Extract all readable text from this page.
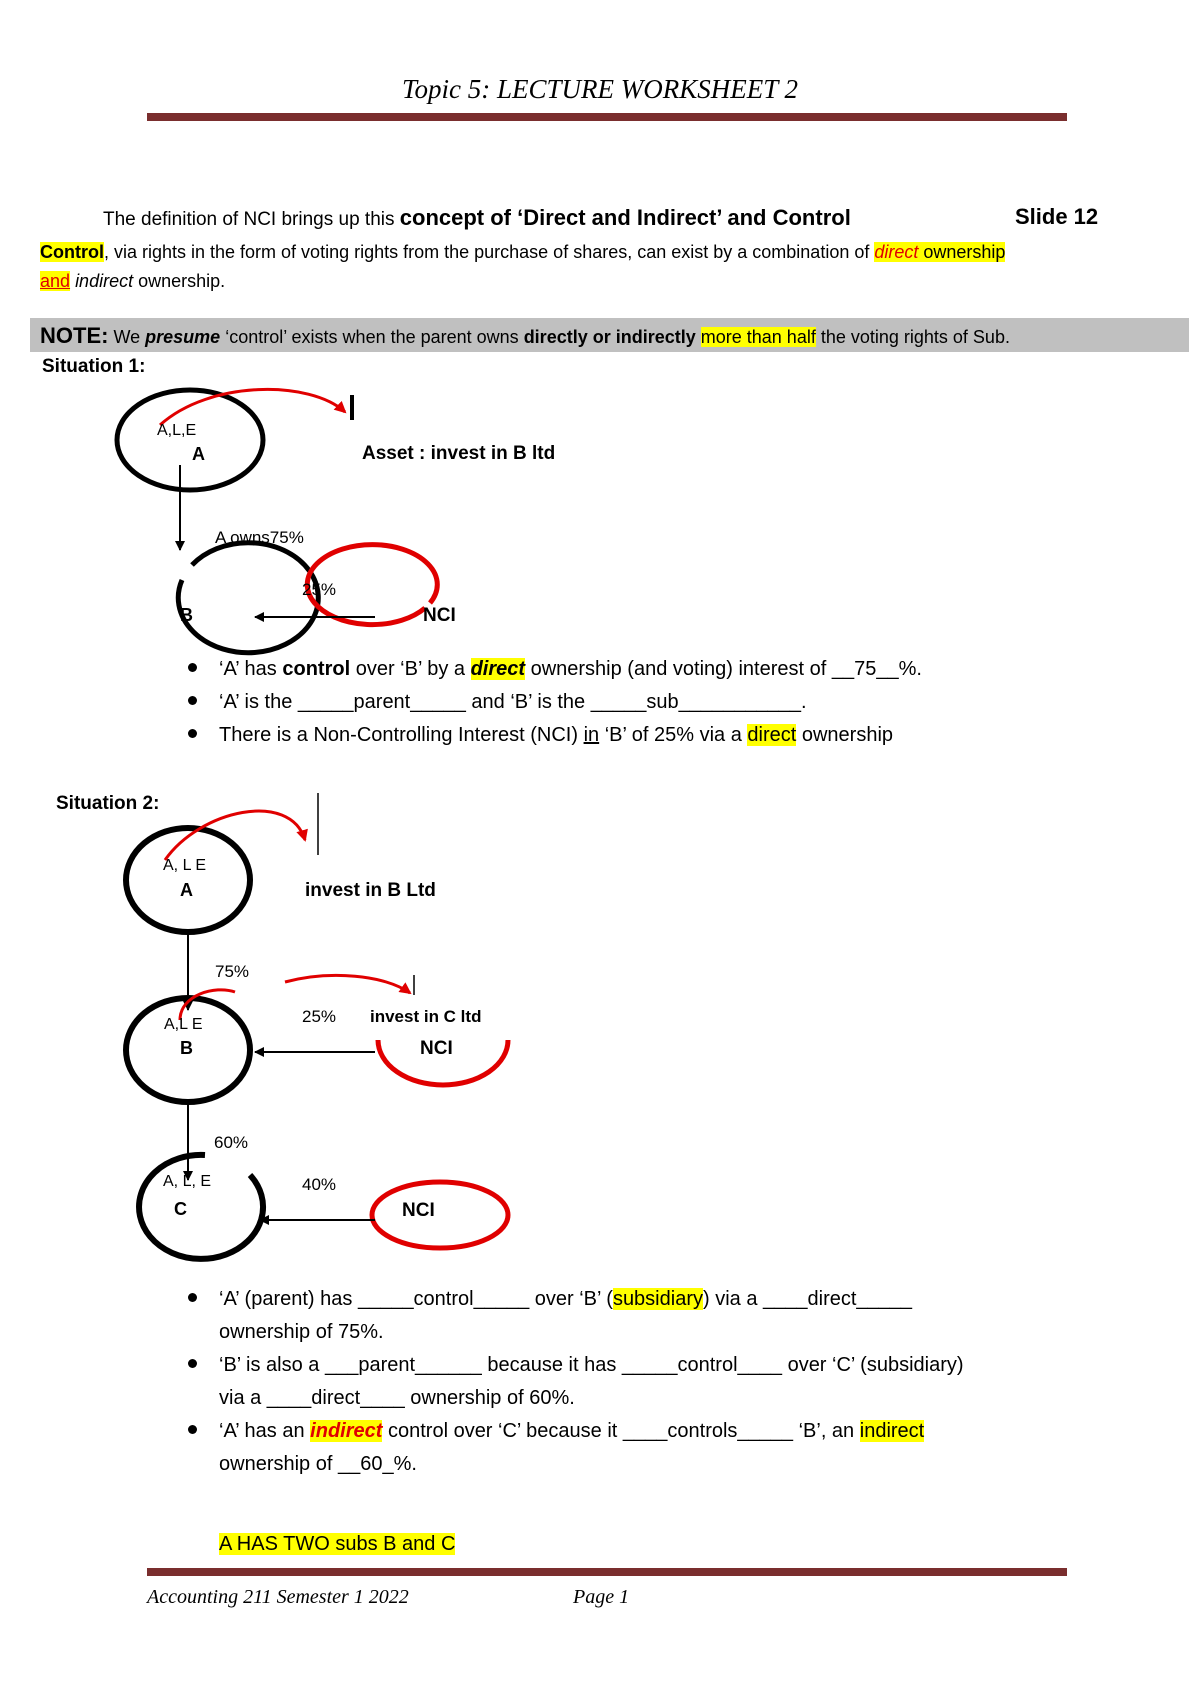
Topic 5: LECTURE WORKSHEET 2
The definition of NCI brings up this concept of ‘Direct and Indirect’ and Control	Slide 12
Control, via rights in the form of voting rights from the purchase of shares, can exist by a combination of direct ownership
and indirect ownership.
NOTE: We presume ‘control’ exists when the parent owns directly or indirectly more than half the voting rights of Sub.
Situation 1:
A,L,E
A	Asset : invest in B ltd
A owns75%
25%
B	NCI
‘A’ has control over ‘B’ by a direct ownership (and voting) interest of __75__%.
‘A’ is the _____parent_____ and ‘B’ is the _____sub___________.
There is a Non-Controlling Interest (NCI) in ‘B’ of 25% via a direct ownership
Situation 2:
A, L E
A	invest in B Ltd
75%
A,L E
B
25% invest in C ltd
NCI
60%
A, L, E
C
40%
NCI
‘A’ (parent) has _____control_____ over ‘B’ (subsidiary) via a ____direct_____
ownership of 75%.
‘B’ is also a ___parent______ because it has _____control____ over ‘C’ (subsidiary)
via a ____direct____ ownership of 60%.
‘A’ has an indirect control over ‘C’ because it ____controls_____ ‘B’, an indirect
ownership of __60_%.
A HAS TWO subs B and C
Accounting 211 Semester 1 2022	Page 1
